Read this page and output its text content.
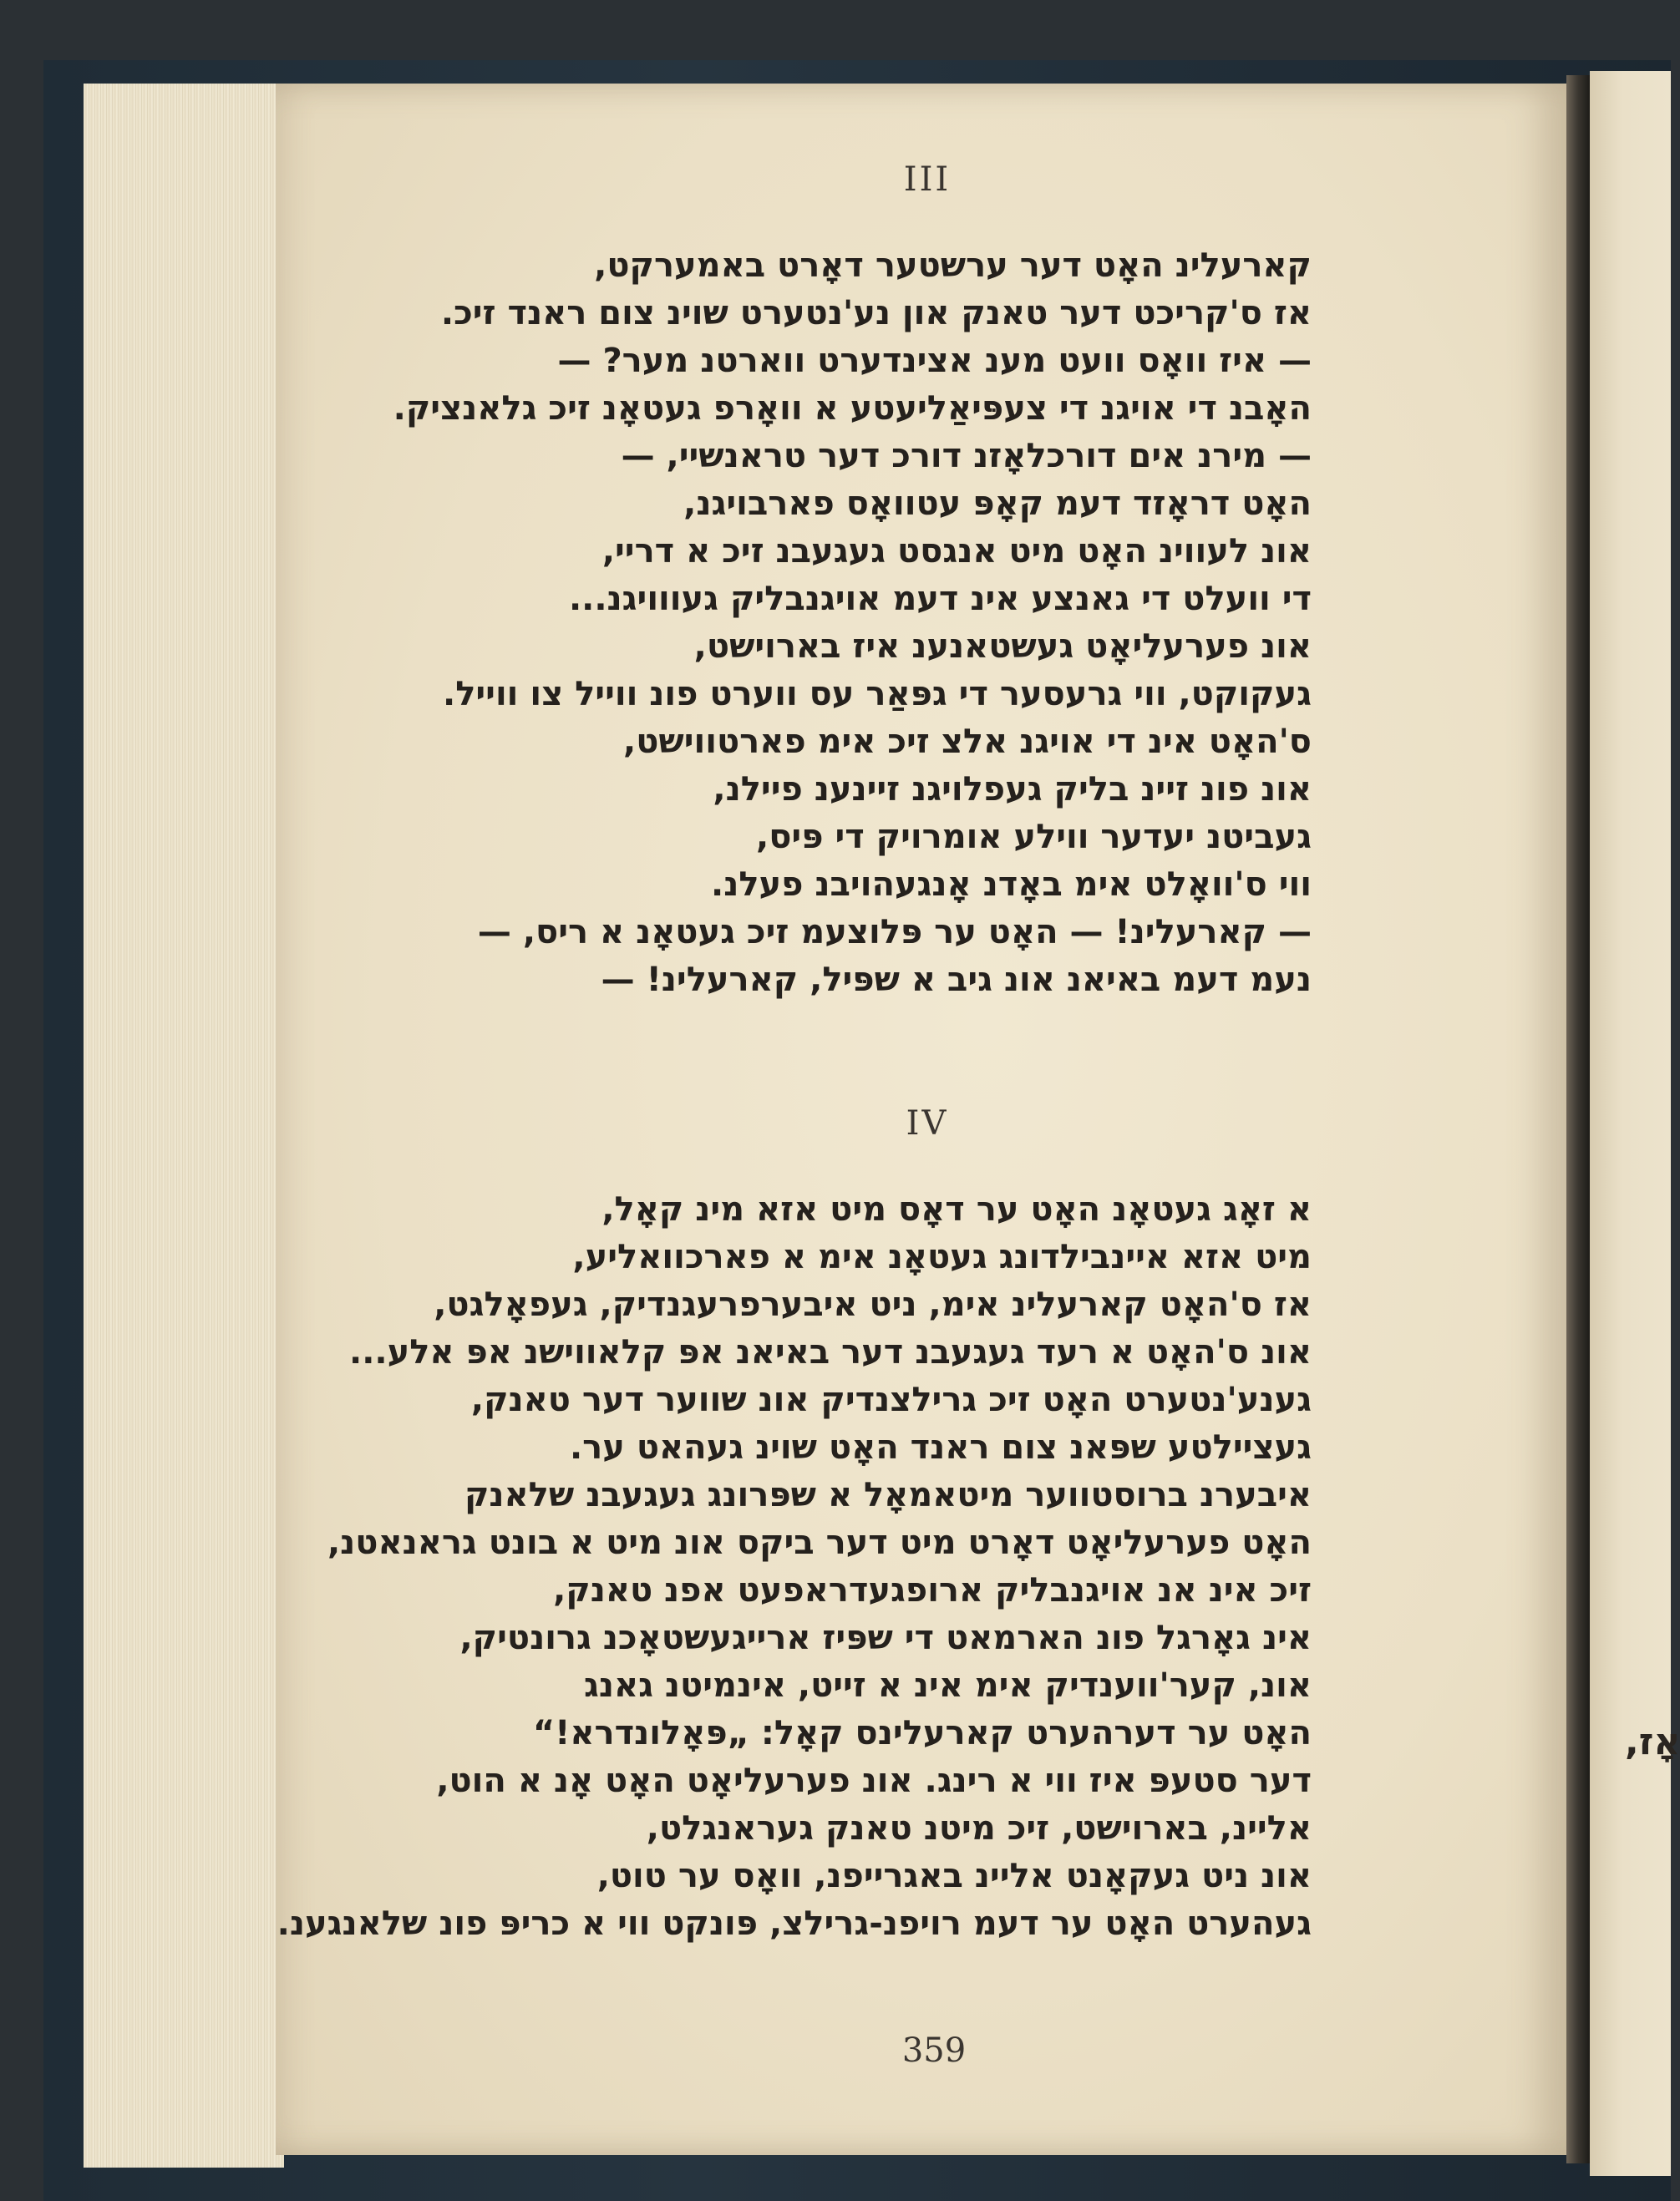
אָז,
III
קארעלינ האָט דער ערשטער דאָרט באמערקט,
אז ס'קריכט דער טאנק און נע'נטערט שוינ צום ראנד זיכ.
— איז וואָס וועט מענ אצינדערט ווארטנ מער? —
האָבנ די אויגנ די צעפּיאַליעטע א וואָרפ געטאָנ זיכ גלאנציק.
— מירנ אים דורכלאָזנ דורכ דער טראנשיי, —
האָט דראָזד דעמ קאָפּ עטוואָס פארבויגנ,
אונ לעווינ האָט מיט אנגסט געגעבנ זיכ א דריי,
די וועלט די גאנצע אינ דעמ אויגנבליק געווויגנ...
אונ פערעליאָט געשטאנענ איז בארוישט,
געקוקט, ווי גרעסער די גפּאַר עס ווערט פונ ווייל צו ווייל.
ס'האָט אינ די אויגנ אלצ זיכ אימ פארטווישט,
אונ פונ זיינ בליק געפלויגנ זיינענ פיילנ,
געביטנ יעדער ווילע אומרויק די פּיס,
ווי ס'וואָלט אימ באָדנ אָנגעהויבנ פעלנ.
— קארעלינ! — האָט ער פּלוצעמ זיכ געטאָנ א ריס, —
נעמ דעמ באיאנ אונ גיב א שפּיל, קארעלינ! —
IV
א זאָג געטאָנ האָט ער דאָס מיט אזא מינ קאָל,
מיט אזא איינבילדונג געטאָנ אימ א פארכוואליע,
אז ס'האָט קארעלינ אימ, ניט איבערפרעגנדיק, געפאָלגט,
אונ ס'האָט א רעד געגעבנ דער באיאנ אפּ קלאווישנ אפּ אלע...
גענע'נטערט האָט זיכ גרילצנדיק אונ שווער דער טאנק,
געציילטע שפּאנ צום ראנד האָט שוינ געהאט ער.
איבערנ ברוסטווער מיטאמאָל א שפּרונג געגעבנ שלאנק
האָט פערעליאָט דאָרט מיט דער ביקס אונ מיט א בונט גראנאטנ,
זיכ אינ אנ אויגנבליק ארופגעדראפעט אפנ טאנק,
אינ גאָרגל פונ הארמאט די שפּיז ארייגעשטאָכנ גרונטיק,
אונ, קער'ווענדיק אימ אינ א זייט, אינמיטנ גאנג
האָט ער דערהערט קארעלינס קאָל: „פּאָלונדרא!“
דער סטעפּ איז ווי א רינג. אונ פערעליאָט האָט אָנ א הוט,
אליינ, בארוישט, זיכ מיטנ טאנק געראנגלט,
אונ ניט געקאָנט אליינ באגרייפנ, וואָס ער טוט,
געהערט האָט ער דעמ רויפנ-גרילצ, פּונקט ווי א כריפּ פונ שלאנגענ.
359
